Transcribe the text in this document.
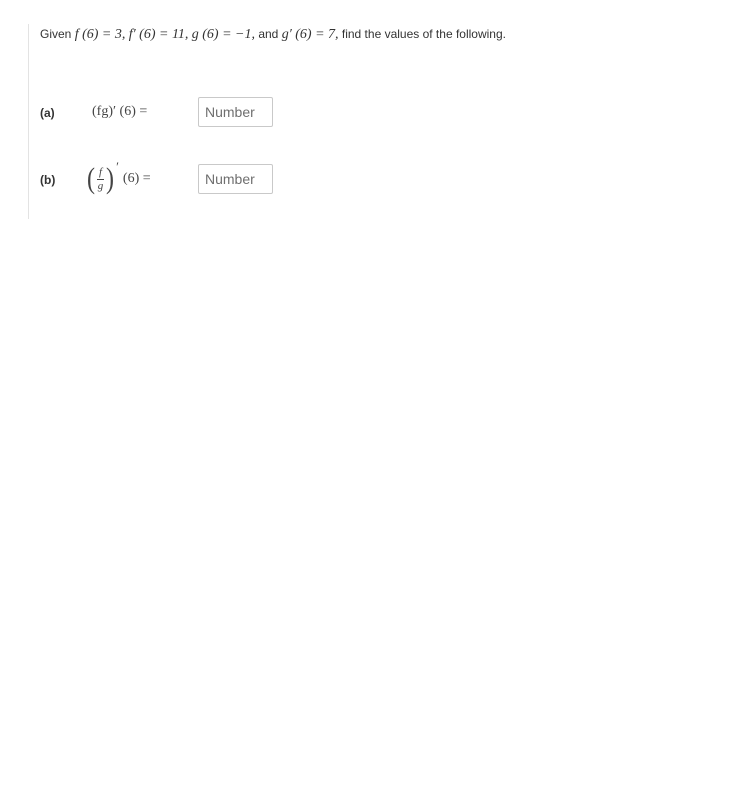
Given f (6) = 3, f′ (6) = 11, g (6) = −1, and g′ (6) = 7, find the values of the following.
(a)	(fg)′ (6) =
Number
(b) ( $\frac{f}{g}$ ) ′
(6) =
Number
